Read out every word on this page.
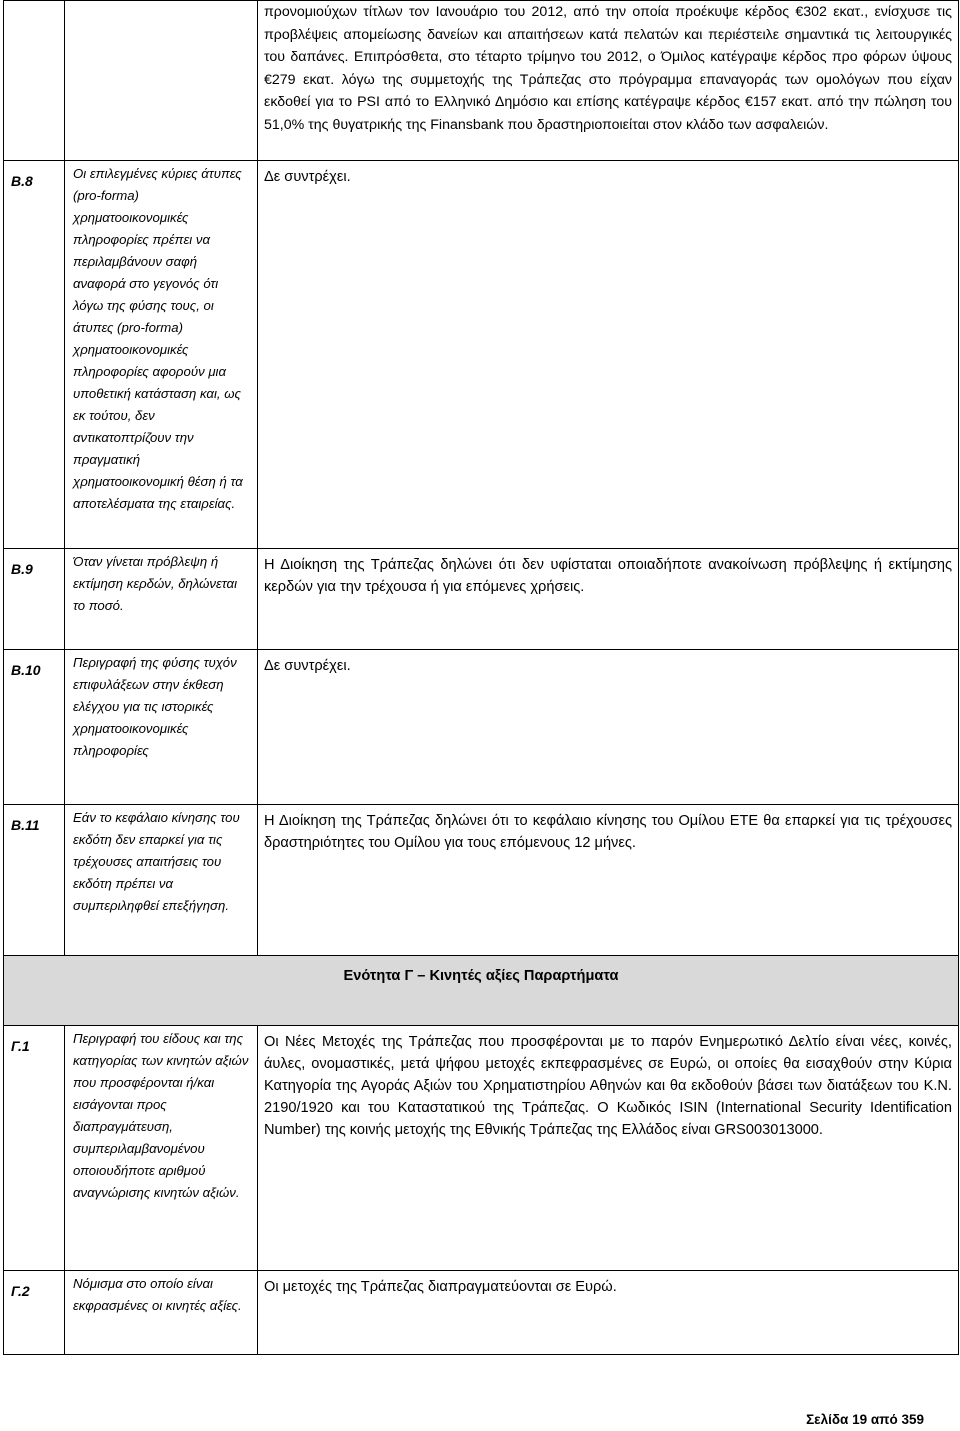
		προνομιούχων τίτλων τον Ιανουάριο του 2012, από την οποία προέκυψε κέρδος €302 εκατ., ενίσχυσε τις προβλέψεις απομείωσης δανείων και απαιτήσεων κατά πελατών και περιέστειλε σημαντικά τις λειτουργικές του δαπάνες. Επιπρόσθετα, στο τέταρτο τρίμηνο του 2012, ο Όμιλος κατέγραψε κέρδος προ φόρων ύψους €279 εκατ. λόγω της συμμετοχής της Τράπεζας στο πρόγραμμα επαναγοράς των ομολόγων που είχαν εκδοθεί για το PSI από το Ελληνικό Δημόσιο και επίσης κατέγραψε κέρδος €157 εκατ. από την πώληση του 51,0% της θυγατρικής της Finansbank που δραστηριοποιείται στον κλάδο των ασφαλειών.
B.8	Οι επιλεγμένες κύριες άτυπες (pro-forma) χρηματοοικονομικές πληροφορίες πρέπει να περιλαμβάνουν σαφή αναφορά στο γεγονός ότι λόγω της φύσης τους, οι άτυπες (pro-forma) χρηματοοικονομικές πληροφορίες αφορούν μια υποθετική κατάσταση και, ως εκ τούτου, δεν αντικατοπτρίζουν την πραγματική χρηματοοικονομική θέση ή τα αποτελέσματα της εταιρείας.	Δε συντρέχει.
B.9	Όταν γίνεται πρόβλεψη ή εκτίμηση κερδών, δηλώνεται το ποσό.	Η Διοίκηση της Τράπεζας δηλώνει ότι δεν υφίσταται οποιαδήποτε ανακοίνωση πρόβλεψης ή εκτίμησης κερδών για την τρέχουσα ή για επόμενες χρήσεις.
B.10	Περιγραφή της φύσης τυχόν επιφυλάξεων στην έκθεση ελέγχου για τις ιστορικές χρηματοοικονομικές πληροφορίες	Δε συντρέχει.
B.11	Εάν το κεφάλαιο κίνησης του εκδότη δεν επαρκεί για τις τρέχουσες απαιτήσεις του εκδότη πρέπει να συμπεριληφθεί επεξήγηση.	Η Διοίκηση της Τράπεζας δηλώνει ότι το κεφάλαιο κίνησης του Ομίλου ΕΤΕ θα επαρκεί για τις τρέχουσες δραστηριότητες του Ομίλου για τους επόμενους 12 μήνες.
Ενότητα Γ – Κινητές αξίες Παραρτήματα		
Γ.1	Περιγραφή του είδους και της κατηγορίας των κινητών αξιών που προσφέρονται ή/και εισάγονται προς διαπραγμάτευση, συμπεριλαμβανομένου οποιουδήποτε αριθμού αναγνώρισης κινητών αξιών.	Οι Νέες Μετοχές της Τράπεζας που προσφέρονται με το παρόν Ενημερωτικό Δελτίο είναι νέες, κοινές, άυλες, ονομαστικές, μετά ψήφου μετοχές εκπεφρασμένες σε Ευρώ, οι οποίες θα εισαχθούν στην Κύρια Κατηγορία της Αγοράς Αξιών του Χρηματιστηρίου Αθηνών και θα εκδοθούν βάσει των διατάξεων του Κ.Ν. 2190/1920 και του Καταστατικού της Τράπεζας. Ο Κωδικός ISIN (International Security Identification Number) της κοινής μετοχής της Εθνικής Τράπεζας της Ελλάδος είναι GRS003013000.
Γ.2	Νόμισμα στο οποίο είναι εκφρασμένες οι κινητές αξίες.	Οι μετοχές της Τράπεζας διαπραγματεύονται σε Ευρώ.
Σελίδα 19 από 359
